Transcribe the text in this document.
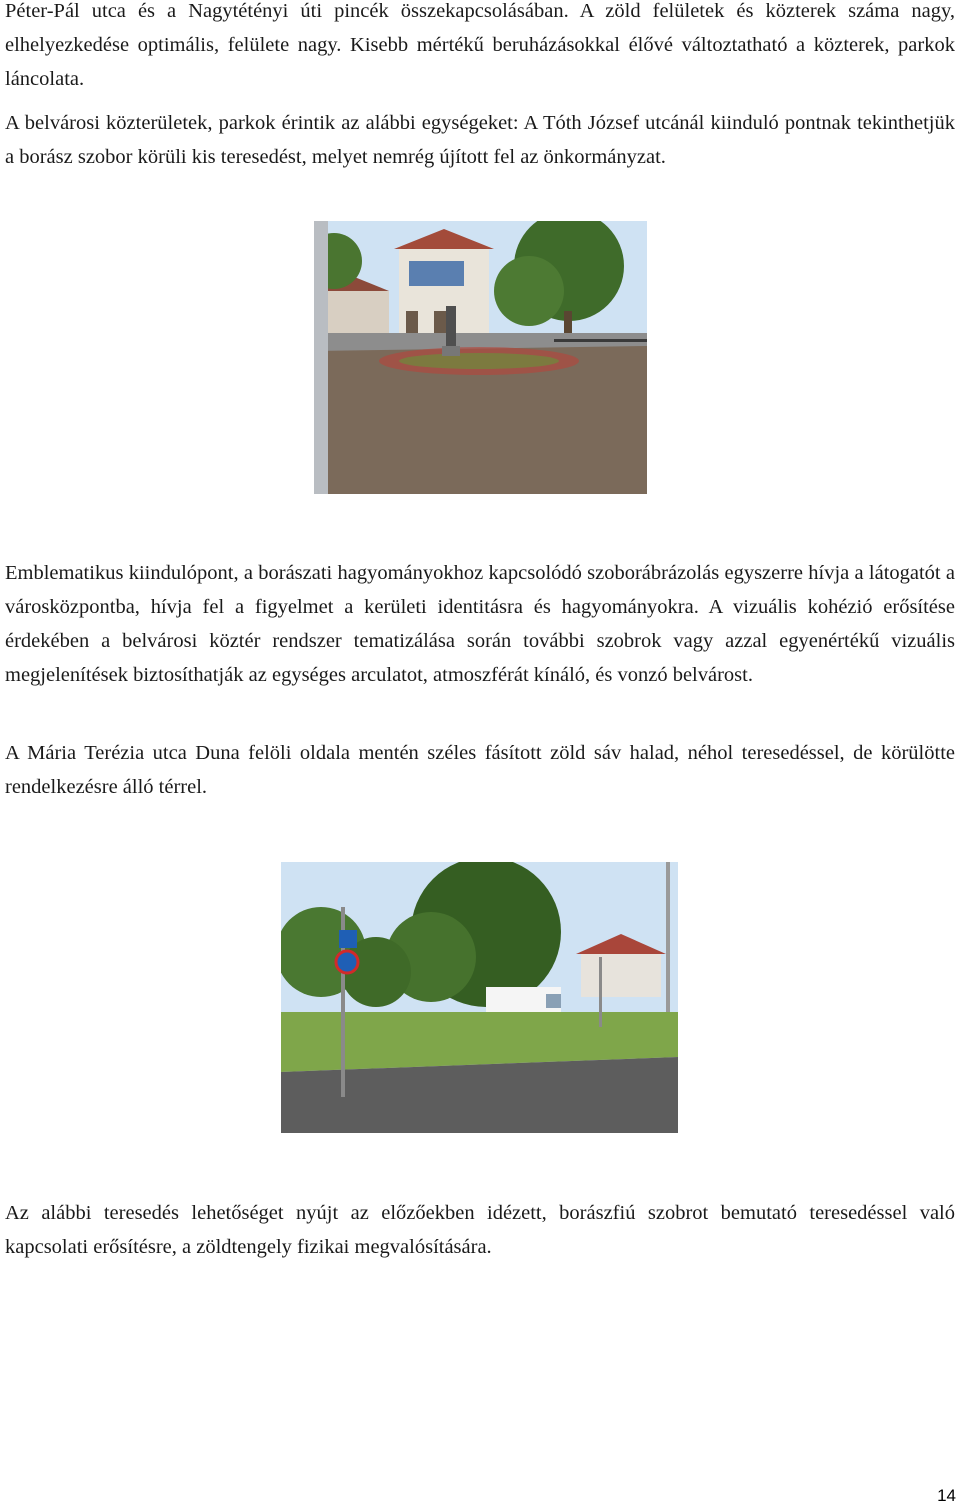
Péter-Pál utca és a Nagytétényi úti pincék összekapcsolásában. A zöld felületek és közterek száma nagy, elhelyezkedése optimális, felülete nagy. Kisebb mértékű beruházásokkal élővé változtatható a közterek, parkok láncolata.

A belvárosi közterületek, parkok érintik az alábbi egységeket: A Tóth József utcánál kiinduló pontnak tekinthetjük a borász szobor körüli kis teresedést, melyet nemrég újított fel az önkormányzat.

Emblematikus kiindulópont, a borászati hagyományokhoz kapcsolódó szoborábrázolás egyszerre hívja a látogatót a városközpontba, hívja fel a figyelmet a kerületi identitásra és hagyományokra. A vizuális kohézió erősítése érdekében a belvárosi köztér rendszer tematizálása során további szobrok vagy azzal egyenértékű vizuális megjelenítések biztosíthatják az egységes arculatot, atmoszférát kínáló, és vonzó belvárost.

A Mária Terézia utca Duna felöli oldala mentén széles fásított zöld sáv halad, néhol teresedéssel, de körülötte rendelkezésre álló térrel.

Az alábbi teresedés lehetőséget nyújt az előzőekben idézett, borászfiú szobrot bemutató teresedéssel való kapcsolati erősítésre, a zöldtengely fizikai megvalósítására.

14
